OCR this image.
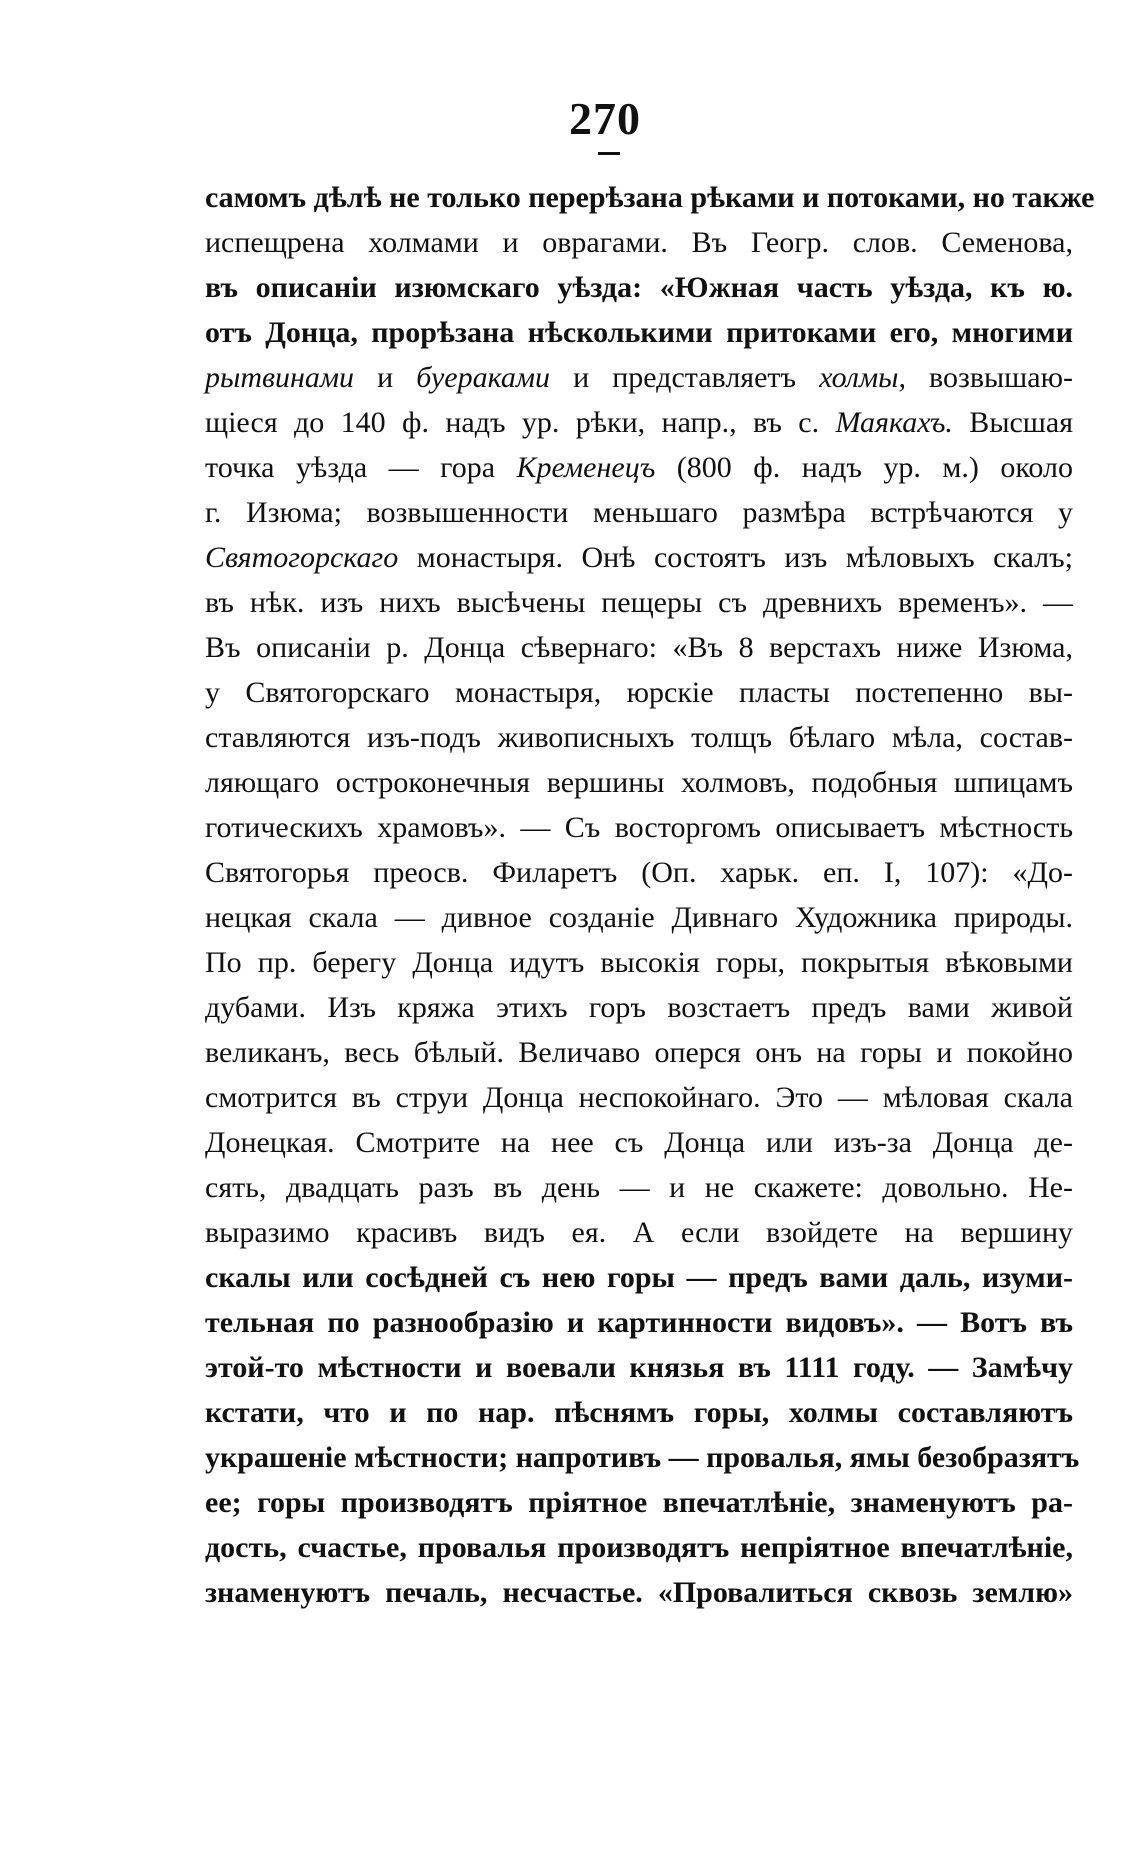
270
самомъ дѣлѣ не только перерѣзана рѣками и потоками, но также
испещрена холмами и оврагами. Въ Геогр. слов. Семенова,
въ описаніи изюмскаго уѣзда: «Южная часть уѣзда, къ ю.
отъ Донца, прорѣзана нѣсколькими притоками его, многими
рытвинами и буераками и представляетъ холмы, возвышаю-
щіеся до 140 ф. надъ ур. рѣки, напр., въ с. Маякахъ. Высшая
точка уѣзда — гора Кременецъ (800 ф. надъ ур. м.) около
г. Изюма; возвышенности меньшаго размѣра встрѣчаются у
Святогорскаго монастыря. Онѣ состоятъ изъ мѣловыхъ скалъ;
въ нѣк. изъ нихъ высѣчены пещеры съ древнихъ временъ». —
Въ описаніи р. Донца сѣвернаго: «Въ 8 верстахъ ниже Изюма,
у Святогорскаго монастыря, юрскіе пласты постепенно вы-
ставляются изъ-подъ живописныхъ толщъ бѣлаго мѣла, состав-
ляющаго остроконечныя вершины холмовъ, подобныя шпицамъ
готическихъ храмовъ». — Съ восторгомъ описываетъ мѣстность
Святогорья преосв. Филаретъ (Оп. харьк. еп. I, 107): «До-
нецкая скала — дивное созданіе Дивнаго Художника природы.
По пр. берегу Донца идутъ высокія горы, покрытыя вѣковыми
дубами. Изъ кряжа этихъ горъ возстаетъ предъ вами живой
великанъ, весь бѣлый. Величаво оперся онъ на горы и покойно
смотрится въ струи Донца неспокойнаго. Это — мѣловая скала
Донецкая. Смотрите на нее съ Донца или изъ-за Донца де-
сять, двадцать разъ въ день — и не скажете: довольно. Не-
выразимо красивъ видъ ея. А если взойдете на вершину
скалы или сосѣдней съ нею горы — предъ вами даль, изуми-
тельная по разнообразію и картинности видовъ». — Вотъ въ
этой-то мѣстности и воевали князья въ 1111 году. — Замѣчу
кстати, что и по нар. пѣснямъ горы, холмы составляютъ
украшеніе мѣстности; напротивъ — провалья, ямы безобразятъ
ее; горы производятъ пріятное впечатлѣніе, знаменуютъ ра-
дость, счастье, провалья производятъ непріятное впечатлѣніе,
знаменуютъ печаль, несчастье. «Провалиться сквозь землю»
